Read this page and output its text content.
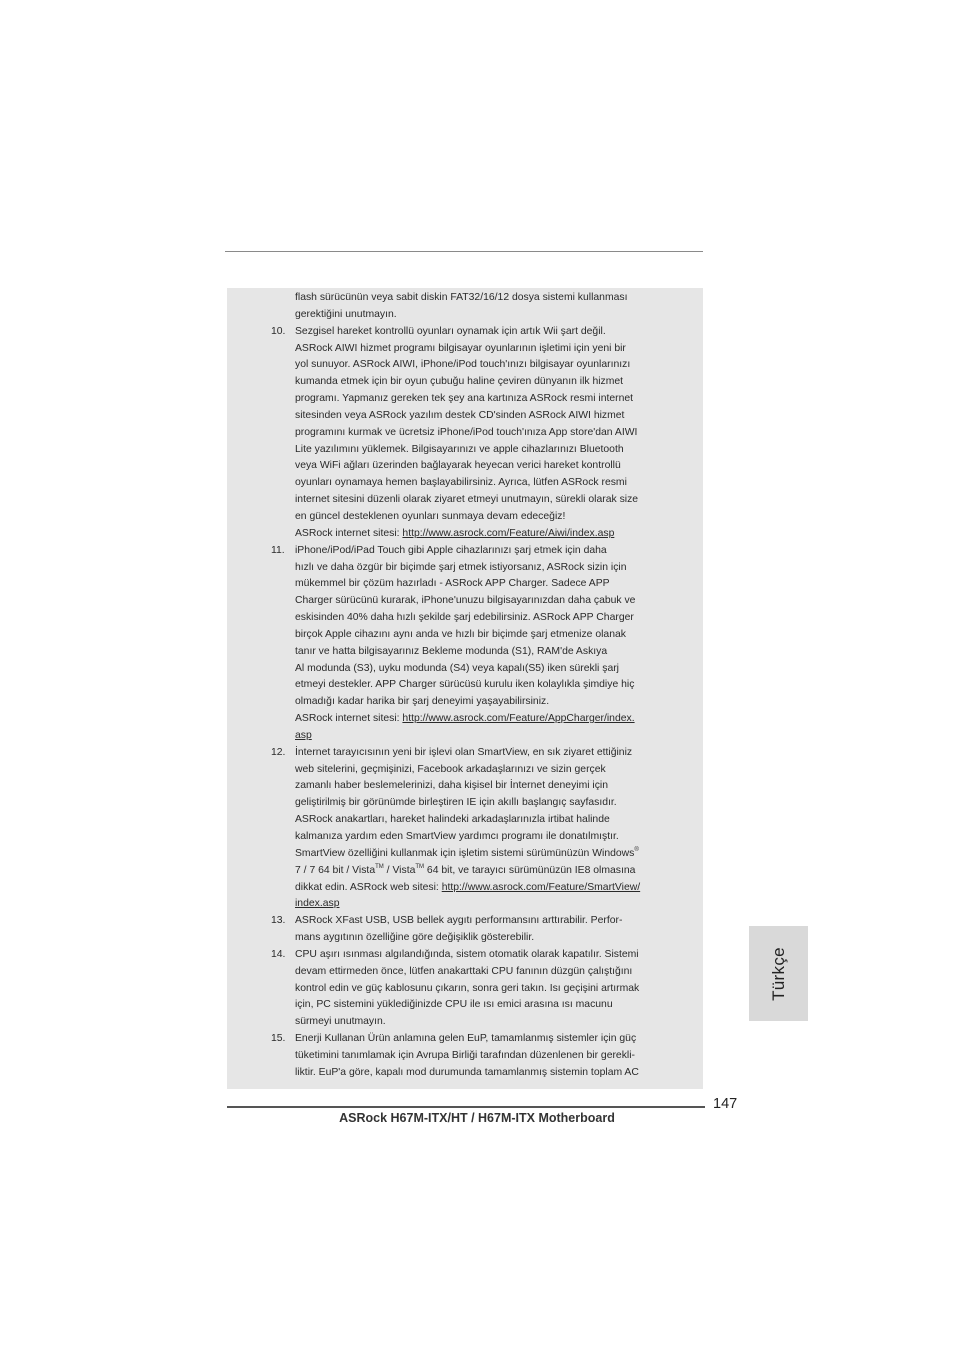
flash sürücünün veya sabit diskin FAT32/16/12 dosya sistemi kullanması
gerektiğini unutmayın.
10. Sezgisel hareket kontrollü oyunları oynamak için artık Wii şart değil.
ASRock AIWI hizmet programı bilgisayar oyunlarının işletimi için yeni bir
yol sunuyor. ASRock AIWI, iPhone/iPod touch'ınızı bilgisayar oyunlarınızı
kumanda etmek için bir oyun çubuğu haline çeviren dünyanın ilk hizmet
programı. Yapmanız gereken tek şey ana kartınıza ASRock resmi internet
sitesinden veya ASRock yazılım destek CD'sinden ASRock AIWI hizmet
programını kurmak ve ücretsiz iPhone/iPod touch'ınıza App store'dan AIWI
Lite yazılımını yüklemek. Bilgisayarınızı ve apple cihazlarınızı Bluetooth
veya WiFi ağları üzerinden bağlayarak heyecan verici hareket kontrollü
oyunları oynamaya hemen başlayabilirsiniz. Ayrıca, lütfen ASRock resmi
internet sitesini düzenli olarak ziyaret etmeyi unutmayın, sürekli olarak size
en güncel desteklenen oyunları sunmaya devam edeceğiz!
ASRock internet sitesi: http://www.asrock.com/Feature/Aiwi/index.asp
11. iPhone/iPod/iPad Touch gibi Apple cihazlarınızı şarj etmek için daha
hızlı ve daha özgür bir biçimde şarj etmek istiyorsanız, ASRock sizin için
mükemmel bir çözüm hazırladı - ASRock APP Charger. Sadece APP
Charger sürücünü kurarak, iPhone'unuzu bilgisayarınızdan daha çabuk ve
eskisinden 40% daha hızlı şekilde şarj edebilirsiniz. ASRock APP Charger
birçok Apple cihazını aynı anda ve hızlı bir biçimde şarj etmenize olanak
tanır ve hatta bilgisayarınız Bekleme modunda (S1), RAM'de Askıya
Al modunda (S3), uyku modunda (S4) veya kapalı(S5) iken sürekli şarj
etmeyi destekler. APP Charger sürücüsü kurulu iken kolaylıkla şimdiye hiç
olmadığı kadar harika bir şarj deneyimi yaşayabilirsiniz.
ASRock internet sitesi: http://www.asrock.com/Feature/AppCharger/index.
asp
12. İnternet tarayıcısının yeni bir işlevi olan SmartView, en sık ziyaret ettiğiniz
web sitelerini, geçmişinizi, Facebook arkadaşlarınızı ve sizin gerçek
zamanlı haber beslemelerinizi, daha kişisel bir İnternet deneyimi için
geliştirilmiş bir görünümde birleştiren IE için akıllı başlangıç sayfasıdır.
ASRock anakartları, hareket halindeki arkadaşlarınızla irtibat halinde
kalmanıza yardım eden SmartView yardımcı programı ile donatılmıştır.
SmartView özelliğini kullanmak için işletim sistemi sürümünüzün Windows®
7 / 7 64 bit / Vista™ / Vista™ 64 bit, ve tarayıcı sürümünüzün IE8 olmasına
dikkat edin. ASRock web sitesi: http://www.asrock.com/Feature/SmartView/
index.asp
13. ASRock XFast USB, USB bellek aygıtı performansını arttırabilir. Perfor-
mans aygıtının özelliğine göre değişiklik gösterebilir.
14. CPU aşırı ısınması algılandığında, sistem otomatik olarak kapatılır. Sistemi
devam ettirmeden önce, lütfen anakarttaki CPU fanının düzgün çalıştığını
kontrol edin ve güç kablosunu çıkarın, sonra geri takın. Isı geçişini artırmak
için, PC sistemini yüklediğinizde CPU ile ısı emici arasına ısı macunu
sürmeyi unutmayın.
15. Enerji Kullanan Ürün anlamına gelen EuP, tamamlanmış sistemler için güç
tüketimini tanımlamak için Avrupa Birliği tarafından düzenlenen bir gerekli-
liktir. EuP'a göre, kapalı mod durumunda tamamlanmış sistemin toplam AC
Türkçe
147
ASRock H67M-ITX/HT / H67M-ITX Motherboard
